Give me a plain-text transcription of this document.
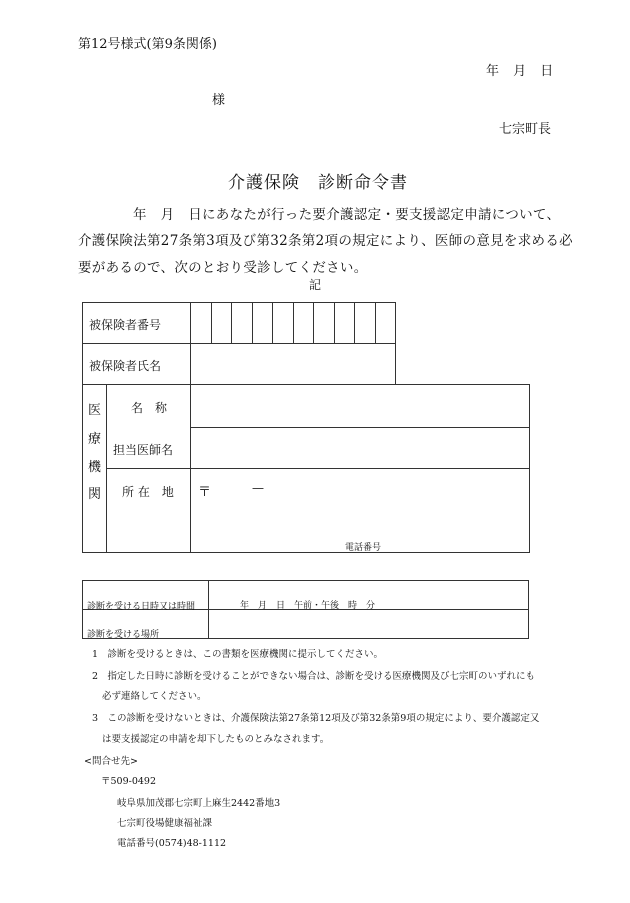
第12号様式(第9条関係)
年 月 日
様
七宗町長
介護保険　診断命令書
年　月　日にあなたが行った要介護認定・要支援認定申請について、
介護保険法第27条第3項及び第32条第2項の規定により、医師の意見を求める必
要があるので、次のとおり受診してください。
記
被保険者番号
被保険者氏名
医
療
機
関
名　称
担当医師名
所 在　地 〒	—
電話番号
診断を受ける日時又は時間	年　月　日　午前・午後　時　分
診断を受ける場所
1　診断を受けるときは、この書類を医療機関に提示してください。
2　指定した日時に診断を受けることができない場合は、診断を受ける医療機関及び七宗町のいずれにも
必ず連絡してください。
3　この診断を受けないときは、介護保険法第27条第12項及び第32条第9項の規定により、要介護認定又
は要支援認定の申請を却下したものとみなされます。
<問合せ先>
〒509-0492
岐阜県加茂郡七宗町上麻生2442番地3
七宗町役場健康福祉課
電話番号(0574)48-1112
